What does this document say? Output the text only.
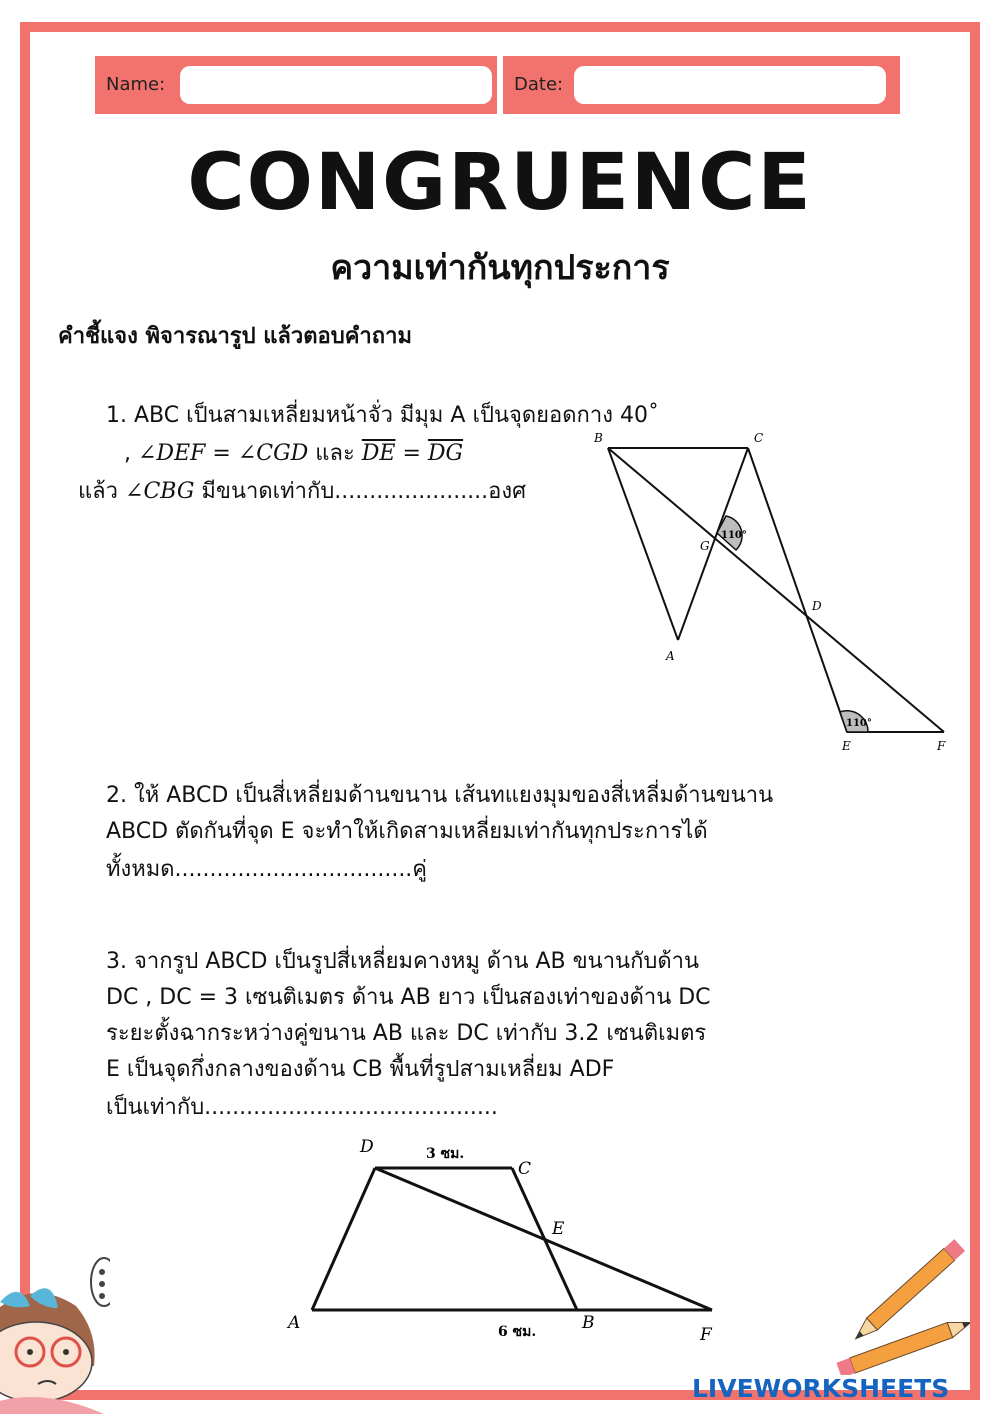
Name:	Date:
CONGRUENCE
ความเท่ากันทุกประการ
คำชี้แจง พิจารณารูป แล้วตอบคำถาม
1. ABC เป็นสามเหลี่ยมหน้าจั่ว มีมุม A เป็นจุดยอดกาง 40˚
, ∠DEF = ∠CGD และ $\overline{DE} = \overline{DG}$
แล้ว ∠CBG มีขนาดเท่ากับ......................องศ
B	C
G
D
A
E	F
110°
110°
2. ให้ ABCD เป็นสี่เหลี่ยมด้านขนาน เส้นทแยงมุมของสี่เหลี่มด้านขนาน
ABCD ตัดกันที่จุด E จะทำให้เกิดสามเหลี่ยมเท่ากันทุกประการได้
ทั้งหมด..................................คู่
3. จากรูป ABCD เป็นรูปสี่เหลี่ยมคางหมู ด้าน AB ขนานกับด้าน
DC , DC = 3 เซนติเมตร ด้าน AB ยาว เป็นสองเท่าของด้าน DC
ระยะตั้งฉากระหว่างคู่ขนาน AB และ DC เท่ากับ 3.2 เซนติเมตร
E เป็นจุดกึ่งกลางของด้าน CB พื้นที่รูปสามเหลี่ยม ADF
เป็นเท่ากับ..........................................
D
C
E
A	B
F
3 ซม.
6 ซม.
LIVEWORKSHEETS
